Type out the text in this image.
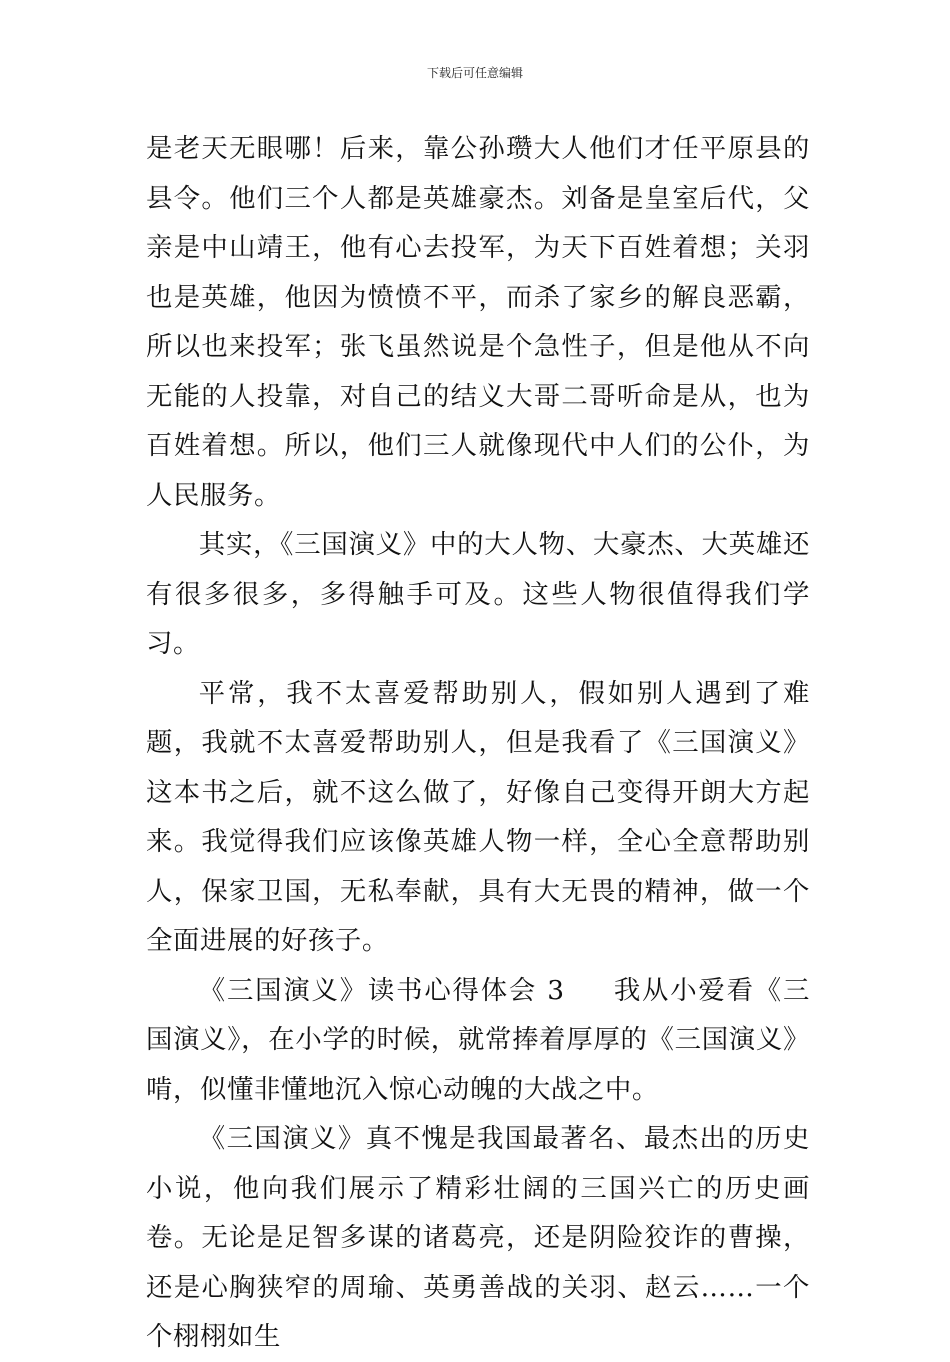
下载后可任意编辑

是老天无眼哪！后来，靠公孙瓒大人他们才任平原县的县令。他们三个人都是英雄豪杰。刘备是皇室后代，父亲是中山靖王，他有心去投军，为天下百姓着想；关羽也是英雄，他因为愤愤不平，而杀了家乡的解良恶霸，所以也来投军；张飞虽然说是个急性子，但是他从不向无能的人投靠，对自己的结义大哥二哥听命是从，也为百姓着想。所以，他们三人就像现代中人们的公仆，为人民服务。

其实，《三国演义》中的大人物、大豪杰、大英雄还有很多很多，多得触手可及。这些人物很值得我们学习。

平常，我不太喜爱帮助别人，假如别人遇到了难题，我就不太喜爱帮助别人，但是我看了《三国演义》这本书之后，就不这么做了，好像自己变得开朗大方起来。我觉得我们应该像英雄人物一样，全心全意帮助别人，保家卫国，无私奉献，具有大无畏的精神，做一个全面进展的好孩子。

《三国演义》读书心得体会 3 我从小爱看《三国演义》，在小学的时候，就常捧着厚厚的《三国演义》啃，似懂非懂地沉入惊心动魄的大战之中。

《三国演义》真不愧是我国最著名、最杰出的历史小说，他向我们展示了精彩壮阔的三国兴亡的历史画卷。无论是足智多谋的诸葛亮，还是阴险狡诈的曹操，还是心胸狭窄的周瑜、英勇善战的关羽、赵云……一个个栩栩如生
